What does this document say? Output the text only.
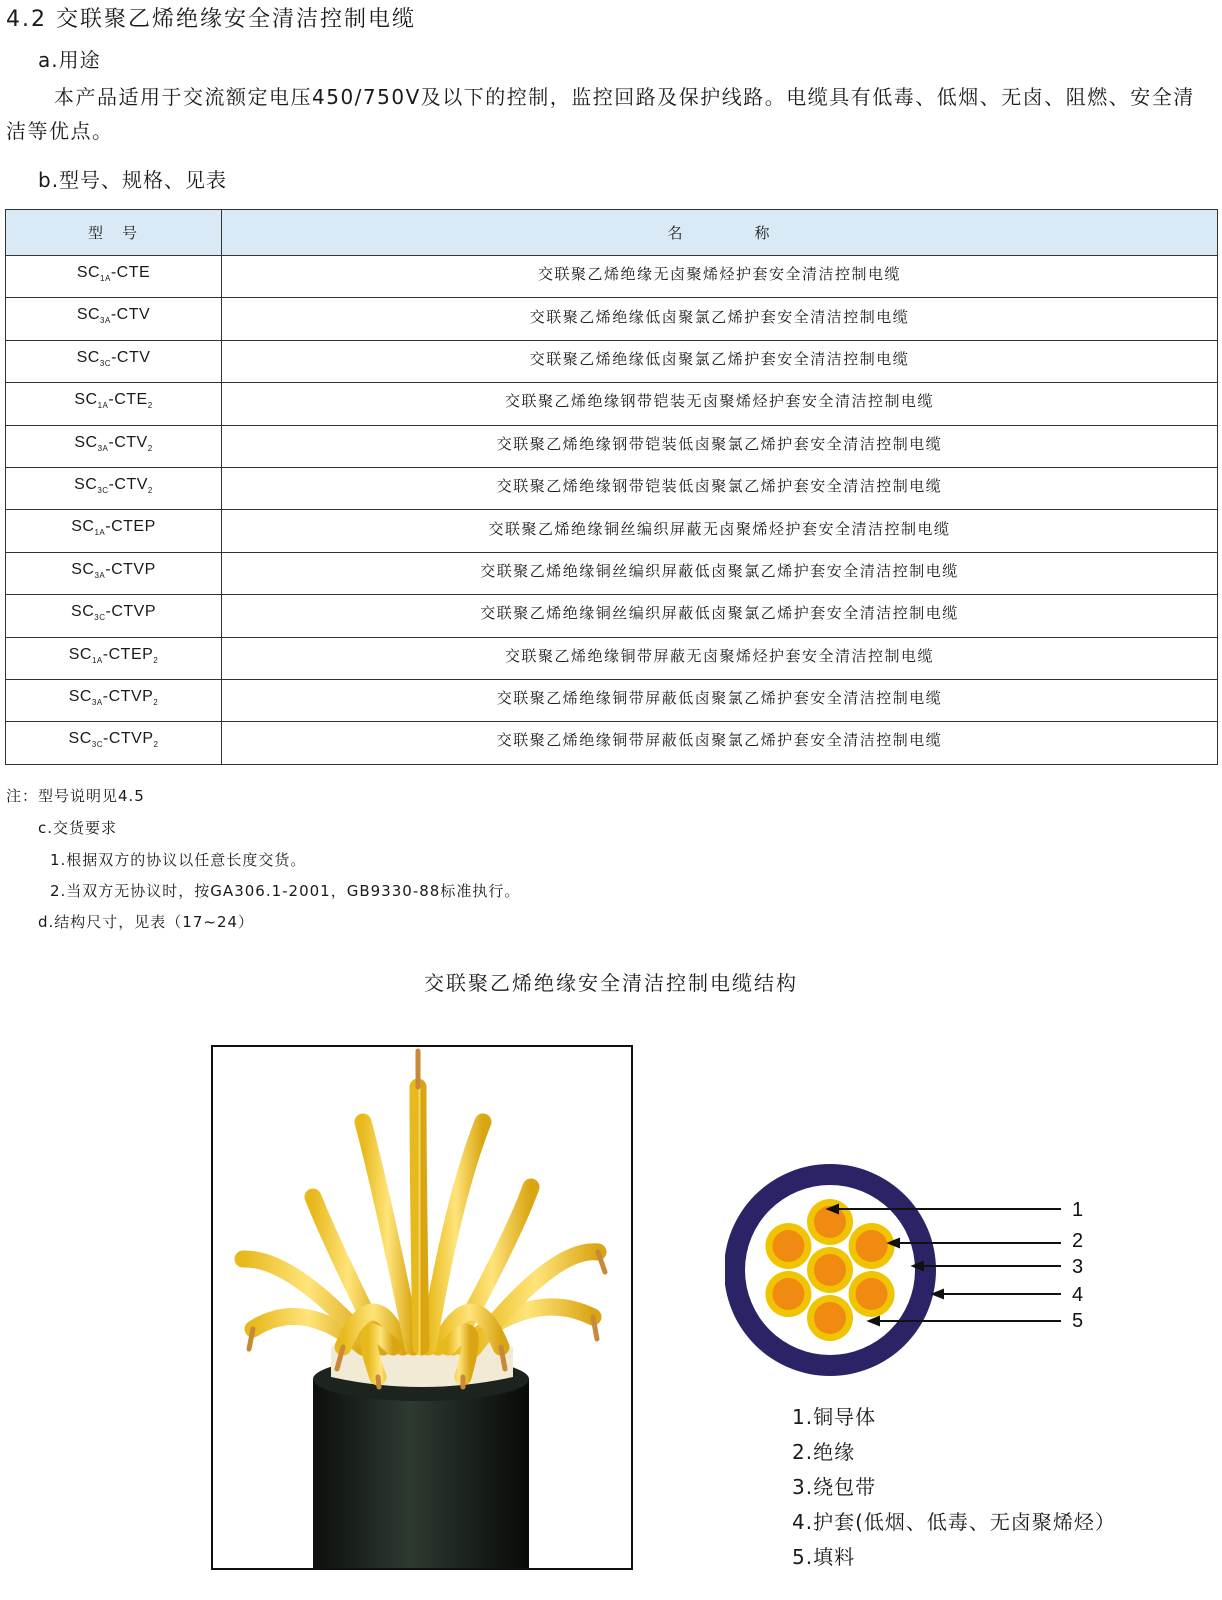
4.2 交联聚乙烯绝缘安全清洁控制电缆
a.用途
本产品适用于交流额定电压450/750V及以下的控制，监控回路及保护线路。电缆具有低毒、低烟、无卤、阻燃、安全清洁等优点。
b.型号、规格、见表
型　号	名 称
$SC_{1A}$-CTE	交联聚乙烯绝缘无卤聚烯烃护套安全清洁控制电缆
$SC_{3A}$-CTV	交联聚乙烯绝缘低卤聚氯乙烯护套安全清洁控制电缆
$SC_{3C}$-CTV	交联聚乙烯绝缘低卤聚氯乙烯护套安全清洁控制电缆
$SC_{1A}-CTE_2$	交联聚乙烯绝缘钢带铠装无卤聚烯烃护套安全清洁控制电缆
$SC_{3A}-CTV_2$	交联聚乙烯绝缘钢带铠装低卤聚氯乙烯护套安全清洁控制电缆
$SC_{3C}-CTV_2$	交联聚乙烯绝缘钢带铠装低卤聚氯乙烯护套安全清洁控制电缆
$SC_{1A}$-CTEP	交联聚乙烯绝缘铜丝编织屏蔽无卤聚烯烃护套安全清洁控制电缆
$SC_{3A}$-CTVP	交联聚乙烯绝缘铜丝编织屏蔽低卤聚氯乙烯护套安全清洁控制电缆
$SC_{3C}$-CTVP	交联聚乙烯绝缘铜丝编织屏蔽低卤聚氯乙烯护套安全清洁控制电缆
$SC_{1A}-CTEP_2$	交联聚乙烯绝缘铜带屏蔽无卤聚烯烃护套安全清洁控制电缆
$SC_{3A}-CTVP_2$	交联聚乙烯绝缘铜带屏蔽低卤聚氯乙烯护套安全清洁控制电缆
$SC_{3C}-CTVP_2$	交联聚乙烯绝缘铜带屏蔽低卤聚氯乙烯护套安全清洁控制电缆
注：型号说明见4.5
c.交货要求
1.根据双方的协议以任意长度交货。
2.当双方无协议时，按GA306.1-2001，GB9330-88标准执行。
d.结构尺寸，见表（17~24）
交联聚乙烯绝缘安全清洁控制电缆结构
1
2
3
4
5
1.铜导体
2.绝缘
3.绕包带
4.护套(低烟、低毒、无卤聚烯烃）
5.填料
